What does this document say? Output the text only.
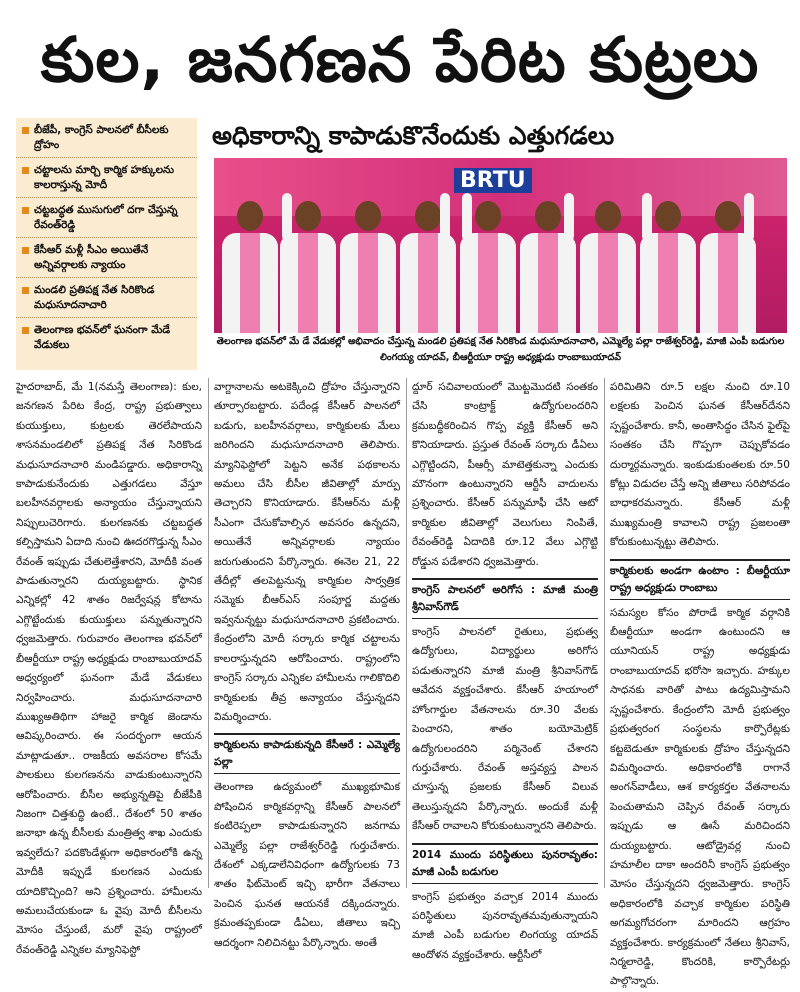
కుల, జనగణన పేరిట కుట్రలు
బీజేపీ, కాంగ్రెస్ పాలనలో బీసీలకు ద్రోహం
చట్టాలను మార్చి కార్మిక హక్కులను కాలరాస్తున్న మోదీ
చట్టబద్ధత ముసుగులో దగా చేస్తున్న రేవంత్‌రెడ్డి
కేసీఆర్ మళ్లీ సీఎం అయితేనే అన్నివర్గాలకు న్యాయం
మండలి ప్రతిపక్ష నేత సిరికొండ మధుసూదనాచారి
తెలంగాణ భవన్‌లో ఘనంగా మేడే వేడుకలు
అధికారాన్ని కాపాడుకొనేందుకు ఎత్తుగడలు
BRTU
తెలంగాణ భవన్‌లో మే డే వేడుకల్లో అభివాదం చేస్తున్న మండలి ప్రతిపక్ష నేత సిరికొండ మధుసూదనాచారి, ఎమ్మెల్యే పల్లా రాజేశ్వర్‌రెడ్డి, మాజీ ఎంపీ బడుగుల లింగయ్య యాదవ్, బీఆర్టీయూ రాష్ట్ర అధ్యక్షుడు రాంబాబుయాదవ్

హైదరాబాద్, మే 1(నమస్తే తెలంగాణ): కుల, జనగణన పేరిట కేంద్ర, రాష్ట్ర ప్రభుత్వాలు కుయుక్తులు, కుట్రలకు తెరలేపాయని శాసనమండలిలో ప్రతిపక్ష నేత సిరికొండ మధుసూదనాచారి మండిపడ్డారు. అధికారాన్ని కాపాడుకునేందుకు ఎత్తుగడలు వేస్తూ బలహీనవర్గాలకు అన్యాయం చేస్తున్నాయని నిప్పులుచెరిగారు. కులగణనకు చట్టబద్ధత కల్పిస్తామని ఏదాది నుంచి ఊదరగొడ్తున్న సీఎం రేవంత్ ఇప్పుడు చేతులెత్తేశారని, మోదీకి వంత పాడుతున్నారని దుయ్యబట్టారు. స్థానిక ఎన్నికల్లో 42 శాతం రిజర్వేషన్ల కోటాను ఎగ్గొట్టేందుకు కుయుక్తులు పన్నుతున్నారని ధ్వజమెత్తారు. గురువారం తెలంగాణ భవన్‌లో బీఆర్టీయూ రాష్ట్ర అధ్యక్షుడు రాంబాబుయాదవ్ అధ్వర్యంలో ఘనంగా మేడే వేడుకలు నిర్వహించారు. మధుసూదనాచారి ముఖ్యఅతిథిగా హాజరై కార్మిక జెండాను ఆవిష్కరించారు. ఈ సందర్భంగా ఆయన మాట్లాడుతూ.. రాజకీయ అవసరాల కోసమే పాలకులు కులగణనను వాడుకుంటున్నారని ఆరోపించారు. బీసీల అభ్యున్నతిపై బీజేపీకి నిజంగా చిత్తశుద్ధి ఉంటే.. దేశంలో 50 శాతం జనాభా ఉన్న బీసీలకు మంత్రిత్వ శాఖ ఎందుకు ఇవ్వలేదు? పదకొండేళ్లుగా అధికారంలోకి ఉన్న మోదీకి ఇప్పుడే కులగణన ఎందుకు యాదికొచ్చింది? అని ప్రశ్నించారు. హామీలను అమలుచేయకుండా ఓ వైపు మోదీ బీసీలను మోసం చేస్తుంటే, మరో వైపు రాష్ట్రంలో రేవంత్‌రెడ్డి ఎన్నికల మ్యానిఫెస్టో

వాగ్దానాలను అటకెక్కించి ద్రోహం చేస్తున్నారని తూర్పారబట్టారు. పదేండ్ల కేసీఆర్ పాలనలో బడుగు, బలహీనవర్గాలు, కార్మికులకు మేలు జరిగిందని మధుసూదనాచారి తెలిపారు. మ్యానిఫెస్టోలో పెట్టని అనేక పథకాలను అమలు చేసి బీసీల జీవితాల్లో మార్పు తెచ్చారని కొనియాడారు. కేసీఆర్‌ను మళ్లీ సీఎంగా చేసుకోవాల్సిన అవసరం ఉన్నదని, అయితేనే అన్నివర్గాలకు న్యాయం జరుగుతుందని పేర్కొన్నారు. ఈనెల 21, 22 తేదీల్లో తలపెట్టనున్న కార్మికుల సార్వత్రిక సమ్మెకు బీఆర్ఎస్ సంపూర్ణ మద్దతు ఇవ్వనున్నట్టు మధుసూదనాచారి ప్రకటించారు. కేంద్రంలోని మోదీ సర్కారు కార్మిక చట్టాలను కాలరాస్తున్నదని ఆరోపించారు. రాష్ట్రంలోని కాంగ్రెస్ సర్కారు ఎన్నికల హామీలను గాలికొదిలి కార్మికులకు తీవ్ర అన్యాయం చేస్తున్నదని విమర్శించారు.

కార్మికులను కాపాడుకున్నది కేసీఆరే : ఎమ్మెల్యే పల్లా

తెలంగాణ ఉద్యమంలో ముఖ్యభూమిక పోషించిన కార్మికవర్గాన్ని కేసీఆర్ పాలనలో కంటిరెప్పలా కాపాడుకున్నారని జనగామ ఎమ్మెల్యే పల్లా రాజేశ్వర్‌రెడ్డి గుర్తుచేశారు. దేశంలో ఎక్కడాలేనివిధంగా ఉద్యోగులకు 73 శాతం ఫిట్‌మెంట్ ఇచ్చి భారీగా వేతనాలు పెంచిన ఘనత ఆయనకే దక్కిందన్నారు. క్రమంతప్పకుండా డీఏలు, జీతాలు ఇచ్చి ఆదర్శంగా నిలిచినట్టు పేర్కొన్నారు. అంతే

ద్దూర్ సచివాలయంలో మొట్టమొదటి సంతకం చేసి కాంట్రాక్ట్ ఉద్యోగులందరిని క్రమబద్ధీకరించిన గొప్ప వ్యక్తి కేసీఆర్ అని కొనియాడారు. ప్రస్తుత రేవంత్ సర్కారు డీఏలు ఎగ్గొట్టిందని, పీఆర్సీ మాటెత్తకున్నా ఎందుకు మౌనంగా ఉంటున్నారని ఆర్టీసీ వాదులను ప్రశ్నించారు. కేసీఆర్ పన్నుమాఫీ చేసి ఆటో కార్మికుల జీవితాల్లో వెలుగులు నింపితే, రేవంత్‌రెడ్డి ఏదాదికి రూ.12 వేలు ఎగ్గొట్టి రోడ్డున పడేశారని ధ్వజమెత్తారు.

కాంగ్రెస్ పాలనలో అరిగోస : మాజీ మంత్రి శ్రీనివాస్‌గౌడ్

కాంగ్రెస్ పాలనలో రైతులు, ప్రభుత్వ ఉద్యోగులు, విద్యార్థులు అరిగోస పడుతున్నారని మాజీ మంత్రి శ్రీనివాస్‌గౌడ్ ఆవేదన వ్యక్తంచేశారు. కేసీఆర్ హయాంలో హోంగార్డుల వేతనాలను రూ.30 వేలకు పెంచారని, శాతం బయోమెట్రిక్ ఉద్యోగులందరిని పర్మినెంట్ చేశారని గుర్తుచేశారు. రేవంత్ అస్తవ్యస్త పాలన చూస్తున్న ప్రజలకు కేసీఆర్ విలువ తెలుస్తున్నదని పేర్కొన్నారు. అందుకే మళ్లీ కేసీఆర్ రావాలని కోరుకుంటున్నారని తెలిపారు.

2014 ముందు పరిస్థితులు పునరావృతం: మాజీ ఎంపీ బడుగుల

కాంగ్రెస్ ప్రభుత్వం వచ్చాక 2014 ముందు పరిస్థితులు పునరావృతమవుతున్నాయని మాజీ ఎంపీ బడుగుల లింగయ్య యాదవ్ ఆందోళన వ్యక్తంచేశారు. ఆర్టీసీలో

పరిమితిని రూ.5 లక్షల నుంచి రూ.10 లక్షలకు పెంచిన ఘనత కేసీఆర్‌దేనని స్పష్టంచేశారు. కానీ, అంతాసిద్ధం చేసిన ఫైల్‌పై సంతకం చేసి గొప్పగా చెప్పుకోవడం దుర్మార్గమన్నారు. ఇంకుడుకుంతలకు రూ.50 కోట్లు విడుదల చేస్తే అన్ని జీతాలు సరిపోవడం బాధాకరమన్నారు. కేసీఆర్ మళ్లీ ముఖ్యమంత్రి కావాలని రాష్ట్ర ప్రజలంతా కోరుకుంటున్నట్టు తెలిపారు.

కార్మికులకు అండగా ఉంటాం : బీఆర్టీయూ రాష్ట్ర అధ్యక్షుడు రాంబాబు

సమస్యల కోసం పోరాడే కార్మిక వర్గానికి బీఆర్టీయూ అండగా ఉంటుందని ఆ యూనియన్ రాష్ట్ర అధ్యక్షుడు రాంబాబుయాదవ్ భరోసా ఇచ్చారు. హక్కుల సాధనకు వారితో పాటు ఉద్యమిస్తామని స్పష్టంచేశారు. కేంద్రంలోని మోదీ ప్రభుత్వం ప్రభుత్వరంగ సంస్థలను కార్పొరేట్లకు కట్టబెడుతూ కార్మికులకు ద్రోహం చేస్తున్నదని విమర్శించారు. అధికారంలోకి రాగానే అంగన్‌వాడీలు, ఆశ కార్యకర్తల వేతనాలను పెంచుతామని చెప్పిన రేవంత్ సర్కారు ఇప్పుడు ఆ ఊసే మరిచిందని దుయ్యబట్టారు. ఆటోడ్రైవర్ల నుంచి హమాలీల దాకా అందరినీ కాంగ్రెస్ ప్రభుత్వం మోసం చేస్తున్నదని ధ్వజమెత్తారు. కాంగ్రెస్ అధికారంలోకి వచ్చాక కార్మికుల పరిస్థితి అగమ్యగోచరంగా మారిందని ఆగ్రహం వ్యక్తంచేశారు. కార్యక్రమంలో నేతలు శ్రీనివాస్, నిర్మలారెడ్డి, కొందరికి, కార్పొరేటర్లు పాల్గొన్నారు.
